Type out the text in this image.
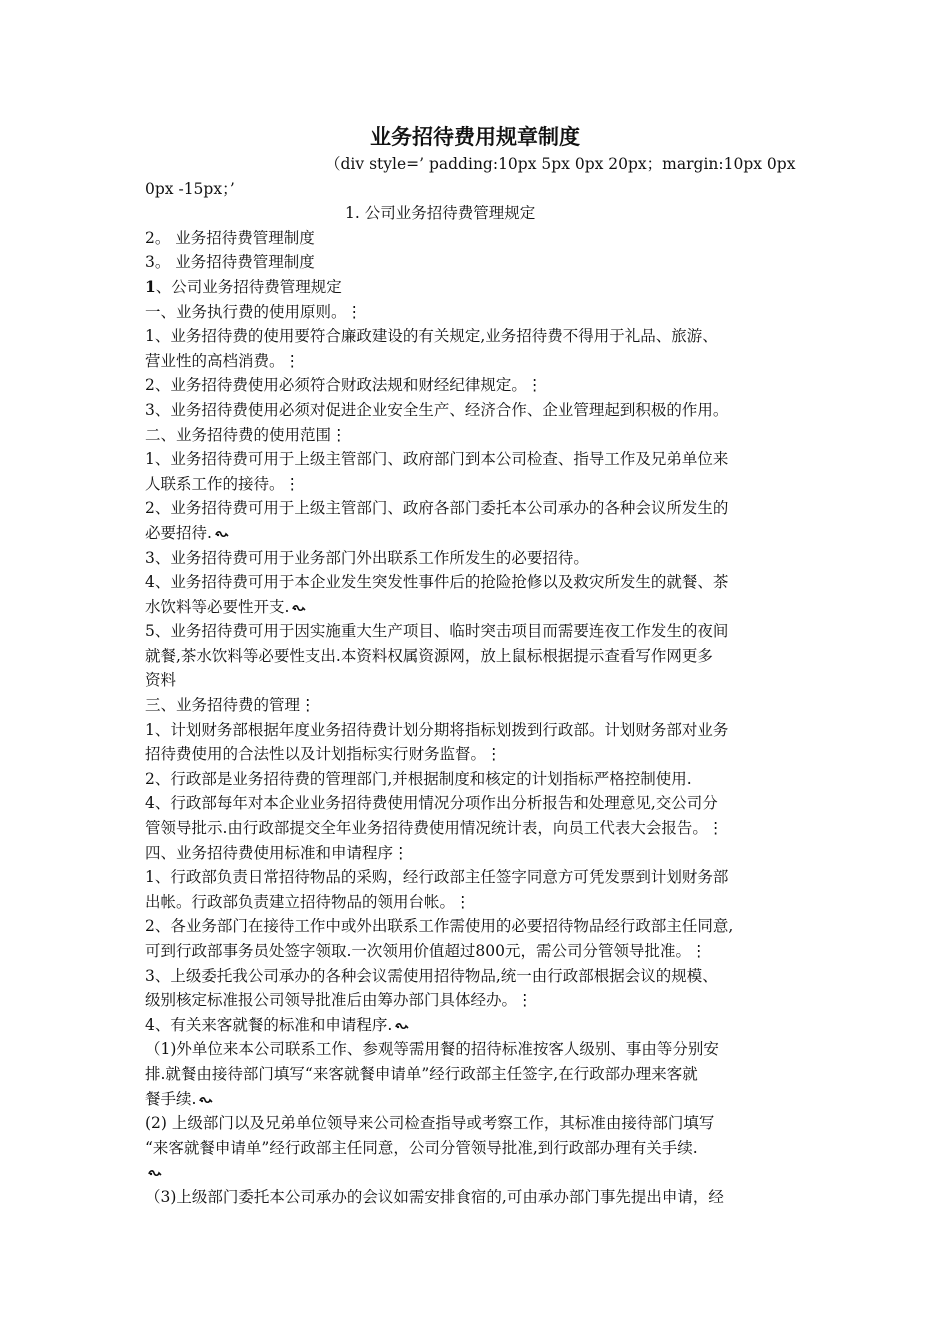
业务招待费用规章制度
（div style=’ padding:10px 5px 0px 20px；margin:10px 0px
0px -15px；’
1. 公司业务招待费管理规定
2。 业务招待费管理制度
3。 业务招待费管理制度
1、公司业务招待费管理规定
一、业务执行费的使用原则。⋮
1、业务招待费的使用要符合廉政建设的有关规定,业务招待费不得用于礼品、旅游、
营业性的高档消费。⋮
2、业务招待费使用必须符合财政法规和财经纪律规定。⋮
3、业务招待费使用必须对促进企业安全生产、经济合作、企业管理起到积极的作用。
二、业务招待费的使用范围⋮
1、业务招待费可用于上级主管部门、政府部门到本公司检查、指导工作及兄弟单位来
人联系工作的接待。⋮
2、业务招待费可用于上级主管部门、政府各部门委托本公司承办的各种会议所发生的
必要招待.
3、业务招待费可用于业务部门外出联系工作所发生的必要招待。
4、业务招待费可用于本企业发生突发性事件后的抢险抢修以及救灾所发生的就餐、茶
水饮料等必要性开支.
5、业务招待费可用于因实施重大生产项目、临时突击项目而需要连夜工作发生的夜间
就餐,茶水饮料等必要性支出.本资料权属资源网，放上鼠标根据提示查看写作网更多
资料
三、业务招待费的管理⋮
1、计划财务部根据年度业务招待费计划分期将指标划拨到行政部。计划财务部对业务
招待费使用的合法性以及计划指标实行财务监督。⋮
2、行政部是业务招待费的管理部门,并根据制度和核定的计划指标严格控制使用.
4、行政部每年对本企业业务招待费使用情况分项作出分析报告和处理意见,交公司分
管领导批示.由行政部提交全年业务招待费使用情况统计表，向员工代表大会报告。⋮
四、业务招待费使用标准和申请程序⋮
1、行政部负责日常招待物品的采购，经行政部主任签字同意方可凭发票到计划财务部
出帐。行政部负责建立招待物品的领用台帐。⋮
2、各业务部门在接待工作中或外出联系工作需使用的必要招待物品经行政部主任同意,
可到行政部事务员处签字领取.一次领用价值超过800元，需公司分管领导批准。⋮
3、上级委托我公司承办的各种会议需使用招待物品,统一由行政部根据会议的规模、
级别核定标准报公司领导批准后由筹办部门具体经办。⋮
4、有关来客就餐的标准和申请程序.
（1)外单位来本公司联系工作、参观等需用餐的招待标准按客人级别、事由等分别安
排.就餐由接待部门填写“来客就餐申请单”经行政部主任签字,在行政部办理来客就
餐手续.
(2) 上级部门以及兄弟单位领导来公司检查指导或考察工作，其标准由接待部门填写
“来客就餐申请单”经行政部主任同意，公司分管领导批准,到行政部办理有关手续.
（3)上级部门委托本公司承办的会议如需安排食宿的,可由承办部门事先提出申请，经
